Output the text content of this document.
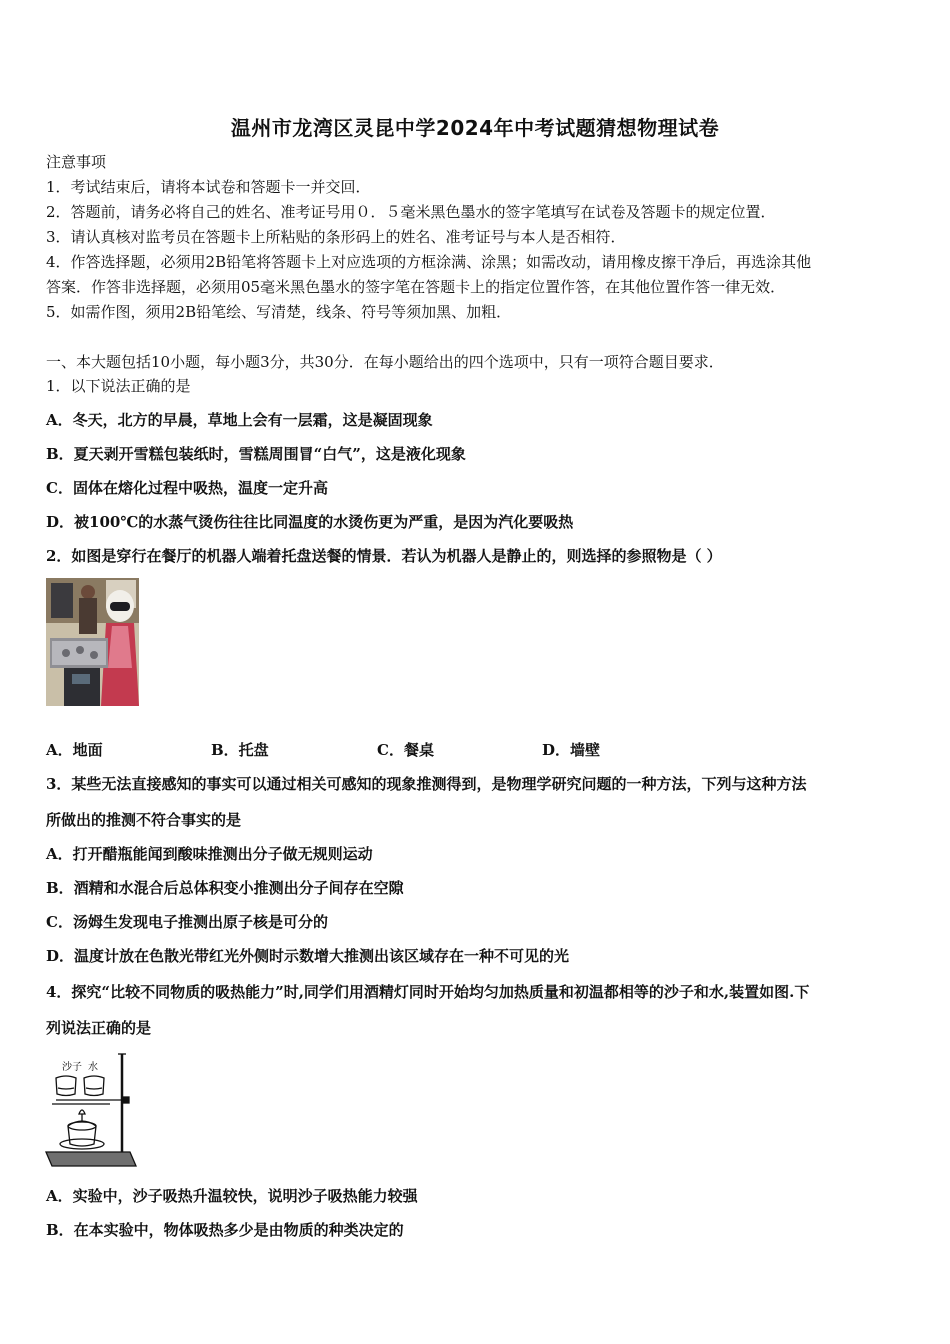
温州市龙湾区灵昆中学2024年中考试题猜想物理试卷
注意事项
1．考试结束后，请将本试卷和答题卡一并交回．
2．答题前，请务必将自己的姓名、准考证号用０．５毫米黑色墨水的签字笔填写在试卷及答题卡的规定位置．
3．请认真核对监考员在答题卡上所粘贴的条形码上的姓名、准考证号与本人是否相符．
4．作答选择题，必须用2B铅笔将答题卡上对应选项的方框涂满、涂黑；如需改动，请用橡皮擦干净后，再选涂其他
答案．作答非选择题，必须用05毫米黑色墨水的签字笔在答题卡上的指定位置作答，在其他位置作答一律无效．
5．如需作图，须用2B铅笔绘、写清楚，线条、符号等须加黑、加粗．
一、本大题包括10小题，每小题3分，共30分．在每小题给出的四个选项中，只有一项符合题目要求．
1．以下说法正确的是
A．冬天，北方的早晨，草地上会有一层霜，这是凝固现象
B．夏天剥开雪糕包装纸时，雪糕周围冒“白气”，这是液化现象
C．固体在熔化过程中吸热，温度一定升高
D．被100℃的水蒸气烫伤往往比同温度的水烫伤更为严重，是因为汽化要吸热
2．如图是穿行在餐厅的机器人端着托盘送餐的情景．若认为机器人是静止的，则选择的参照物是（ ）
A．地面	B．托盘	C．餐桌	D．墙壁
3．某些无法直接感知的事实可以通过相关可感知的现象推测得到，是物理学研究问题的一种方法，下列与这种方法
所做出的推测不符合事实的是
A．打开醋瓶能闻到酸味推测出分子做无规则运动
B．酒精和水混合后总体积变小推测出分子间存在空隙
C．汤姆生发现电子推测出原子核是可分的
D．温度计放在色散光带红光外侧时示数增大推测出该区域存在一种不可见的光
4．探究“比较不同物质的吸热能力”时,同学们用酒精灯同时开始均匀加热质量和初温都相等的沙子和水,装置如图.下
列说法正确的是
沙子 水
A．实验中，沙子吸热升温较快，说明沙子吸热能力较强
B．在本实验中，物体吸热多少是由物质的种类决定的
